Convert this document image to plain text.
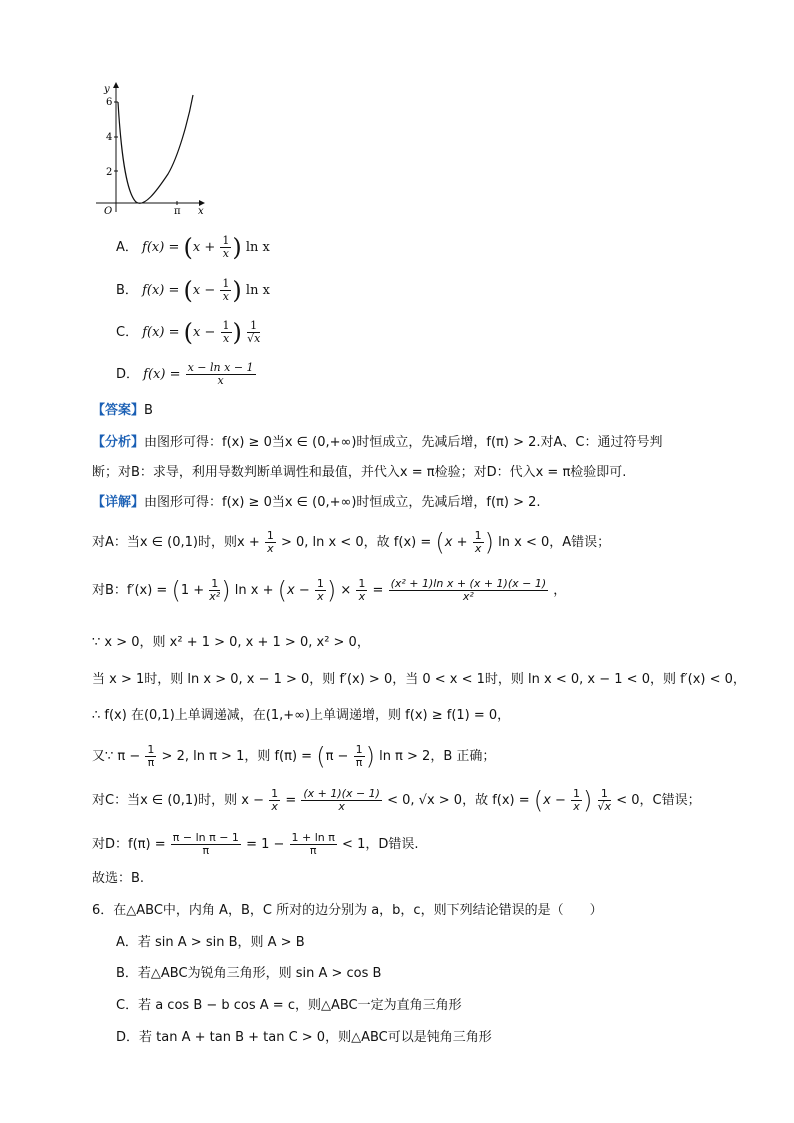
y
2
4
6
O	π x
A． $f(x) = (x + \frac{1}{x}$ ) ln x
B． $f(x) = (x - \frac{1}{x}$ ) ln x
C． $f(x) = (x - \frac{1}{x}$ ) $\frac{1}{√x}$
D． $f(x) = \frac{\text{x − ln x − 1}}{x}$
【答案】B
【分析】由图形可得：f(x) ≥ 0当x ∈ (0,+∞)时恒成立，先减后增，f(π) > 2.对A、C：通过符号判
断；对B：求导，利用导数判断单调性和最值，并代入x = π检验；对D：代入x = π检验即可.
【详解】由图形可得：f(x) ≥ 0当x ∈ (0,+∞)时恒成立，先减后增，f(π) > 2.
对A：当x ∈ (0,1)时，则$x + \frac{1}{x} > 0$, ln x < 0，故 $f(x) = (x + \frac{1}{x}$ ) ln x < 0，A错误；
对B：$f'(x) = (1 + \frac{1}{\text{x²}}$ ) $\ln x + (x - \frac{1}{x}$ ) × $\frac{1}{x} = \frac{\text{(x² + 1)ln x + (x + 1)(x − 1)}}{\text{x²}}$ ，
∵ x > 0，则 x² + 1 > 0, x + 1 > 0, x² > 0，
当 x > 1时，则 ln x > 0, x − 1 > 0，则 f′(x) > 0，当 0 < x < 1时，则 ln x < 0, x − 1 < 0，则 f′(x) < 0，
∴ f(x) 在(0,1)上单调递减，在(1,+∞)上单调递增，则 f(x) ≥ f(1) = 0，
又∵ $\pi - \frac{1}{\pi} > 2$, ln π > 1，则 $f(\pi) = (\pi - \frac{1}{\pi}$ ) ln π > 2，B 正确；
对C：当x ∈ (0,1)时，则 $x - \frac{1}{x} = \frac{(x + 1)(x - 1)}{x} < 0$, √x > 0，故 $f(x) = (x - \frac{1}{x}$ ) $\frac{1}{√x} < 0$，C错误；
对D：$f(\pi) = \frac{\text{π − ln π − 1}}{\pi} = 1 - \frac{\text{1 + ln π}}{\pi} < 1$，D错误.
故选：B.
6．在△ABC中，内角 A，B，C 所对的边分别为 a，b，c，则下列结论错误的是（　　）
A．若 sin A > sin B，则 A > B
B．若△ABC为锐角三角形，则 sin A > cos B
C．若 a cos B − b cos A = c，则△ABC一定为直角三角形
D．若 tan A + tan B + tan C > 0，则△ABC可以是钝角三角形
